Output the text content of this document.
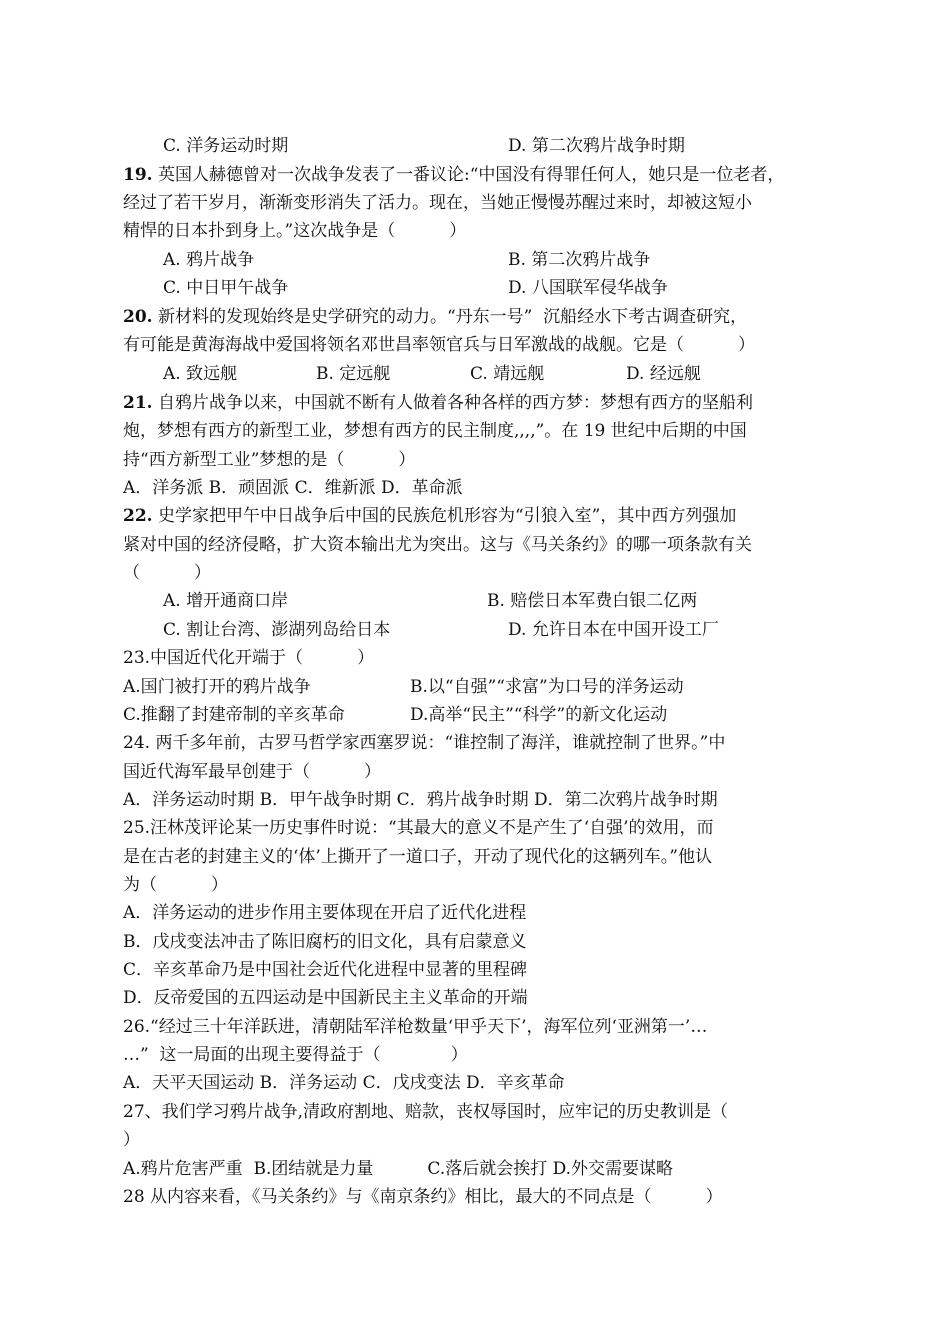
C. 洋务运动时期	D. 第二次鸦片战争时期
19. 英国人赫德曾对一次战争发表了一番议论:“中国没有得罪任何人，她只是一位老者，
经过了若干岁月，渐渐变形消失了活力。现在，当她正慢慢苏醒过来时，却被这短小
精悍的日本扑到身上。”这次战争是（          ）
A. 鸦片战争	B. 第二次鸦片战争
C. 中日甲午战争	D. 八国联军侵华战争
20. 新材料的发现始终是史学研究的动力。“丹东一号”  沉船经水下考古调查研究，
有可能是黄海海战中爱国将领名邓世昌率领官兵与日军激战的战舰。它是（          ）
A. 致远舰	B. 定远舰	C. 靖远舰	D. 经远舰
21. 自鸦片战争以来，中国就不断有人做着各种各样的西方梦：梦想有西方的坚船利
炮，梦想有西方的新型工业，梦想有西方的民主制度,,,,”。在 19 世纪中后期的中国
持“西方新型工业”梦想的是（          ）
A．洋务派 B．顽固派 C．维新派 D．革命派
22. 史学家把甲午中日战争后中国的民族危机形容为“引狼入室”，其中西方列强加
紧对中国的经济侵略，扩大资本输出尤为突出。这与《马关条约》的哪一项条款有关
（          ）
A. 增开通商口岸	B. 赔偿日本军费白银二亿两
C. 割让台湾、澎湖列岛给日本	D. 允许日本在中国开设工厂
23.中国近代化开端于（          ）
A.国门被打开的鸦片战争	B.以“自强”“求富”为口号的洋务运动
C.推翻了封建帝制的辛亥革命	D.高举“民主”“科学”的新文化运动
24. 两千多年前，古罗马哲学家西塞罗说：“谁控制了海洋，谁就控制了世界。”中
国近代海军最早创建于（          ）
A．洋务运动时期 B．甲午战争时期 C．鸦片战争时期 D．第二次鸦片战争时期
25.汪林茂评论某一历史事件时说：“其最大的意义不是产生了‘自强’的效用，而
是在古老的封建主义的‘体’上撕开了一道口子，开动了现代化的这辆列车。”他认
为（          ）
A．洋务运动的进步作用主要体现在开启了近代化进程
B．戊戌变法冲击了陈旧腐朽的旧文化，具有启蒙意义
C．辛亥革命乃是中国社会近代化进程中显著的里程碑
D．反帝爱国的五四运动是中国新民主主义革命的开端
26.“经过三十年洋跃进，清朝陆军洋枪数量‘甲乎天下’，海军位列‘亚洲第一’…
…”  这一局面的出现主要得益于（             ）
A．天平天国运动 B．洋务运动 C．戊戌变法 D．辛亥革命
27、我们学习鸦片战争,清政府割地、赔款，丧权辱国时，应牢记的历史教训是（
）
A.鸦片危害严重  B.团结就是力量          C.落后就会挨打 D.外交需要谋略
28 从内容来看，《马关条约》与《南京条约》相比，最大的不同点是（          ）
